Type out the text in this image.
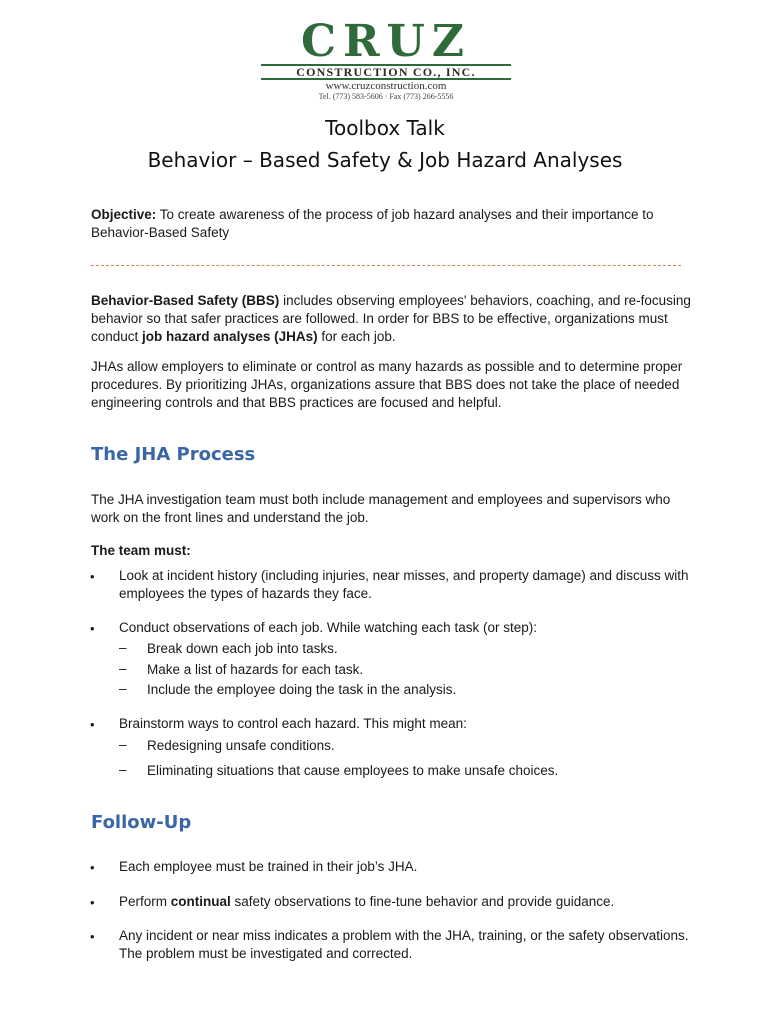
CRUZ
CONSTRUCTION CO., INC.
www.cruzconstruction.com
Tel. (773) 583-5606 · Fax (773) 266-5556
Toolbox Talk
Behavior – Based Safety & Job Hazard Analyses
Objective: To create awareness of the process of job hazard analyses and their importance to Behavior-Based Safety
Behavior-Based Safety (BBS) includes observing employees' behaviors, coaching, and re-focusing behavior so that safer practices are followed. In order for BBS to be effective, organizations must conduct job hazard analyses (JHAs) for each job.
JHAs allow employers to eliminate or control as many hazards as possible and to determine proper procedures. By prioritizing JHAs, organizations assure that BBS does not take the place of needed engineering controls and that BBS practices are focused and helpful.
The JHA Process
The JHA investigation team must both include management and employees and supervisors who work on the front lines and understand the job.
The team must:
• Look at incident history (including injuries, near misses, and property damage) and discuss with employees the types of hazards they face.
• Conduct observations of each job. While watching each task (or step):
– Break down each job into tasks.
– Make a list of hazards for each task.
– Include the employee doing the task in the analysis.
• Brainstorm ways to control each hazard. This might mean:
– Redesigning unsafe conditions.
– Eliminating situations that cause employees to make unsafe choices.
Follow-Up
• Each employee must be trained in their job’s JHA.
• Perform continual safety observations to fine-tune behavior and provide guidance.
• Any incident or near miss indicates a problem with the JHA, training, or the safety observations. The problem must be investigated and corrected.
